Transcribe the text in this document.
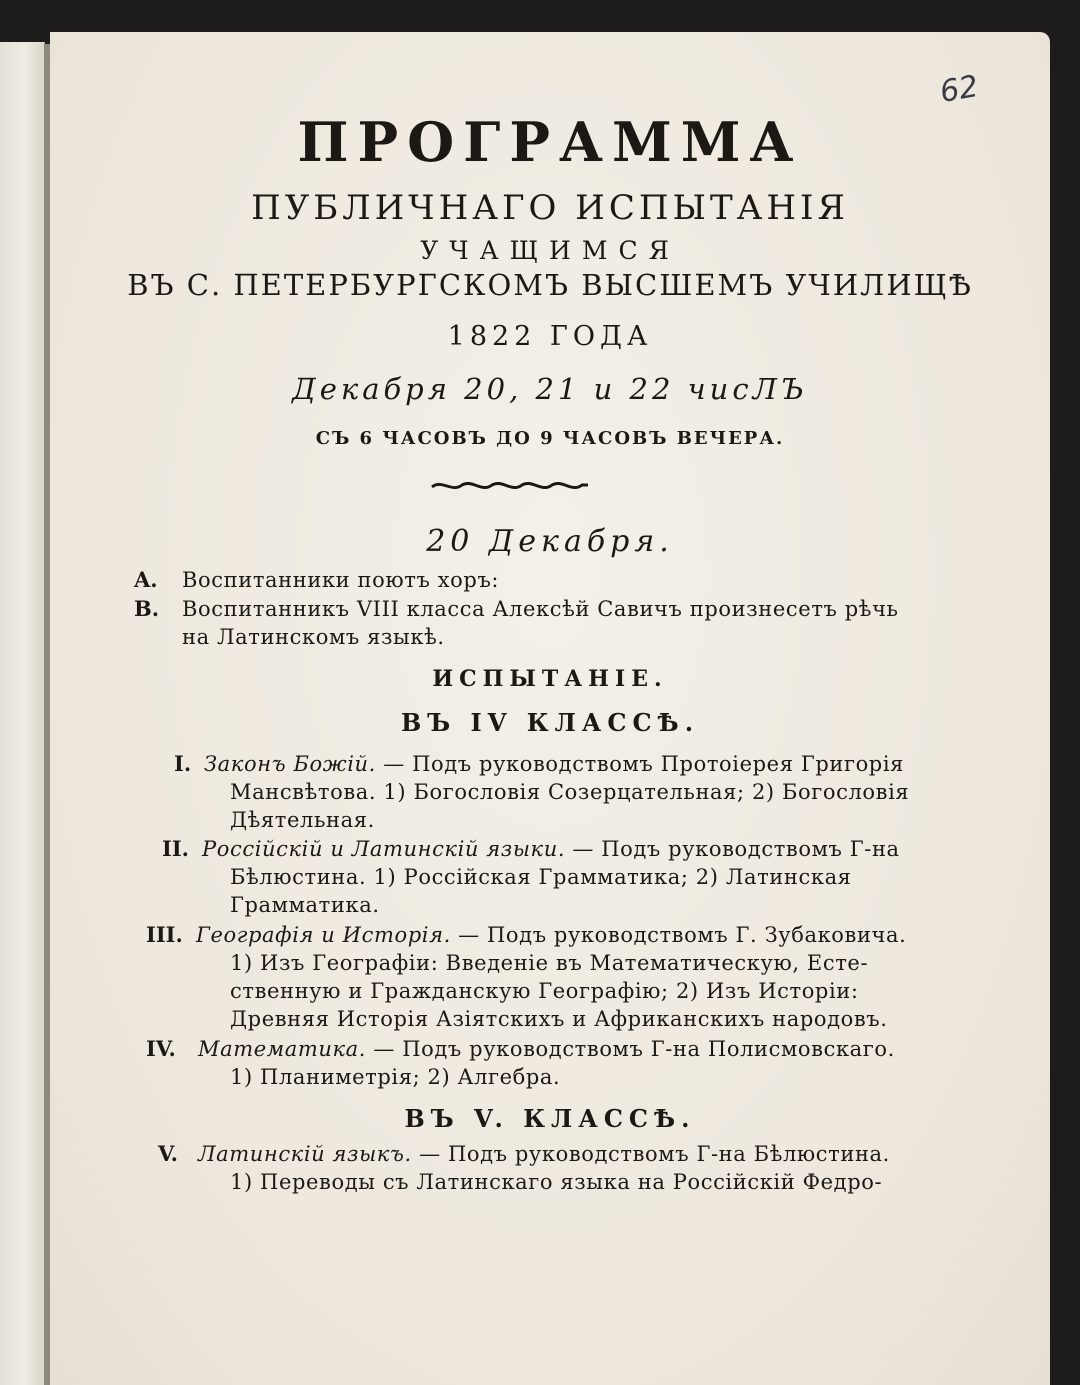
62
ПРОГРАММА
ПУБЛИЧНАГО ИСПЫТАНІЯ
УЧАЩИМСЯ
ВЪ С. ПЕТЕРБУРГСКОМЪ ВЫСШЕМЪ УЧИЛИЩѢ
1822 ГОДА
Декабря 20, 21 и 22 чисЛЪ
СЪ 6 ЧАСОВЪ ДО 9 ЧАСОВЪ ВЕЧЕРА.
20 Декабря.
A. Воспитанники поютъ хоръ:
B. Воспитанникъ VIII класса Алексѣй Савичъ произнесетъ рѣчь
на Латинскомъ языкѣ.
ИСПЫТАНІЕ.
ВЪ IV КЛАССѢ.
I. Законъ Божій. — Подъ руководствомъ Протоіерея Григорія
Мансвѣтова. 1) Богословія Созерцательная; 2) Богословія
Дѣятельная.
II. Россійскій и Латинскій языки. — Подъ руководствомъ Г-на
Бѣлюстина. 1) Россійская Грамматика; 2) Латинская
Грамматика.
III. Географія и Исторія. — Подъ руководствомъ Г. Зубаковича.
1) Изъ Географіи: Введеніе въ Математическую, Есте-
ственную и Гражданскую Географію; 2) Изъ Исторіи:
Древняя Исторія Азіятскихъ и Африканскихъ народовъ.
IV. Математика. — Подъ руководствомъ Г-на Полисмовскаго.
1) Планиметрія; 2) Алгебра.
ВЪ V. КЛАССѢ.
V. Латинскій языкъ. — Подъ руководствомъ Г-на Бѣлюстина.
1) Переводы съ Латинскаго языка на Россійскій Федро-
